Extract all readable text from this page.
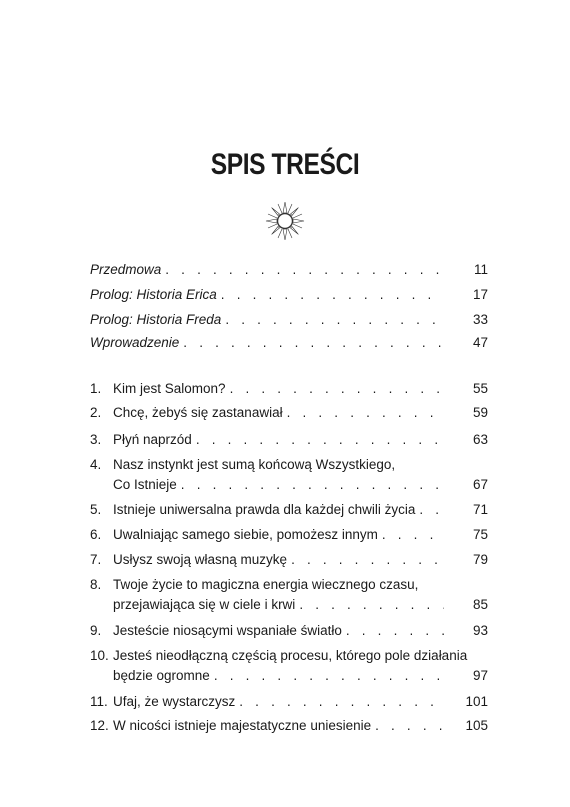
SPIS TREŚCI
Przedmowa . . .	11
Prolog: Historia Erica . . .	17
Prolog: Historia Freda . . .	33
Wprowadzenie . . .	47
1. Kim jest Salomon? . . .	55
2. Chcę, żebyś się zastanawiał . . .	59
3. Płyń naprzód . . .	63
4. Nasz instynkt jest sumą końcową Wszystkiego,
Co Istnieje . . .	67
5. Istnieje uniwersalna prawda dla każdej chwili życia . . .	71
6. Uwalniając samego siebie, pomożesz innym . . .	75
7. Usłysz swoją własną muzykę . . .	79
8. Twoje życie to magiczna energia wiecznego czasu,
przejawiająca się w ciele i krwi . . .	85
9. Jesteście niosącymi wspaniałe światło . . .	93
10. Jesteś nieodłączną częścią procesu, którego pole działania
będzie ogromne . . .	97
11. Ufaj, że wystarczysz . . .	101
12. W nicości istnieje majestatyczne uniesienie . . .	105
